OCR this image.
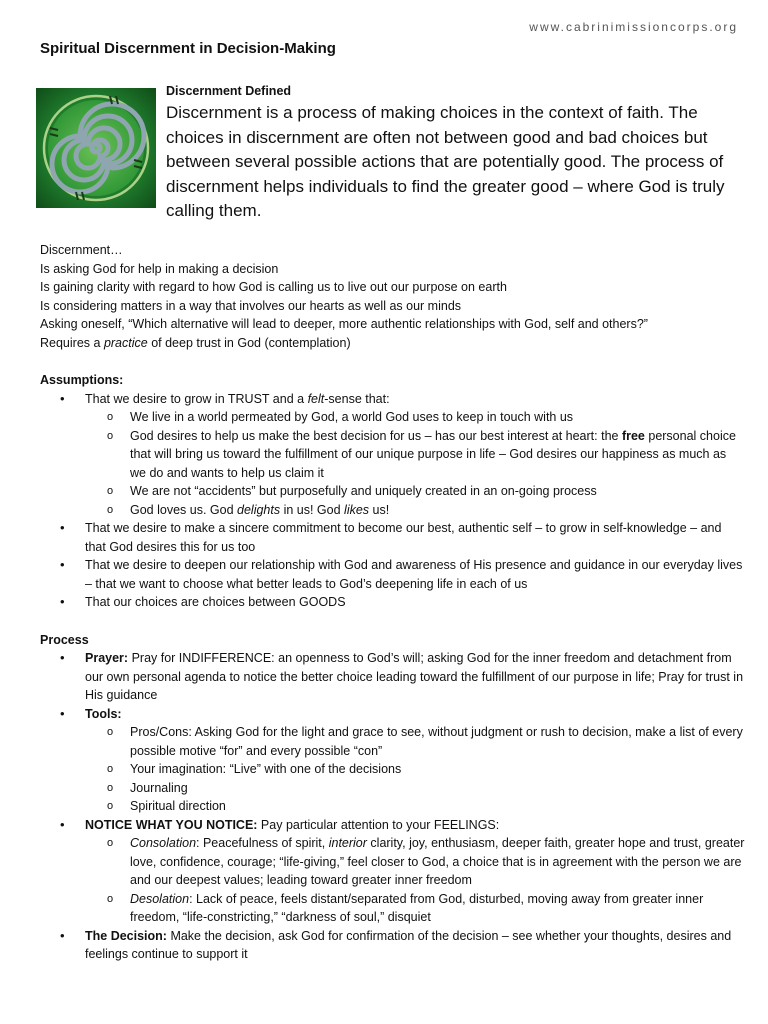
www.cabrinimissioncorps.org
Spiritual Discernment in Decision-Making
Discernment Defined
Discernment is a process of making choices in the context of faith. The choices in discernment are often not between good and bad choices but between several possible actions that are potentially good. The process of discernment helps individuals to find the greater good – where God is truly calling them.
Discernment…
Is asking God for help in making a decision
Is gaining clarity with regard to how God is calling us to live out our purpose on earth
Is considering matters in a way that involves our hearts as well as our minds
Asking oneself, “Which alternative will lead to deeper, more authentic relationships with God, self and others?”
Requires a practice of deep trust in God (contemplation)
Assumptions:
• That we desire to grow in TRUST and a felt-sense that:
o We live in a world permeated by God, a world God uses to keep in touch with us
o God desires to help us make the best decision for us – has our best interest at heart: the free personal choice that will bring us toward the fulfillment of our unique purpose in life – God desires our happiness as much as we do and wants to help us claim it
o We are not “accidents” but purposefully and uniquely created in an on-going process
o God loves us. God delights in us! God likes us!
• That we desire to make a sincere commitment to become our best, authentic self – to grow in self-knowledge – and that God desires this for us too
• That we desire to deepen our relationship with God and awareness of His presence and guidance in our everyday lives – that we want to choose what better leads to God’s deepening life in each of us
• That our choices are choices between GOODS
Process
• Prayer: Pray for INDIFFERENCE: an openness to God’s will; asking God for the inner freedom and detachment from our own personal agenda to notice the better choice leading toward the fulfillment of our purpose in life; Pray for trust in His guidance
• Tools:
o Pros/Cons: Asking God for the light and grace to see, without judgment or rush to decision, make a list of every possible motive “for” and every possible “con”
o Your imagination: “Live” with one of the decisions
o Journaling
o Spiritual direction
• NOTICE WHAT YOU NOTICE: Pay particular attention to your FEELINGS:
o Consolation: Peacefulness of spirit, interior clarity, joy, enthusiasm, deeper faith, greater hope and trust, greater love, confidence, courage; “life-giving,” feel closer to God, a choice that is in agreement with the person we are and our deepest values; leading toward greater inner freedom
o Desolation: Lack of peace, feels distant/separated from God, disturbed, moving away from greater inner freedom, “life-constricting,” “darkness of soul,” disquiet
• The Decision: Make the decision, ask God for confirmation of the decision – see whether your thoughts, desires and feelings continue to support it
